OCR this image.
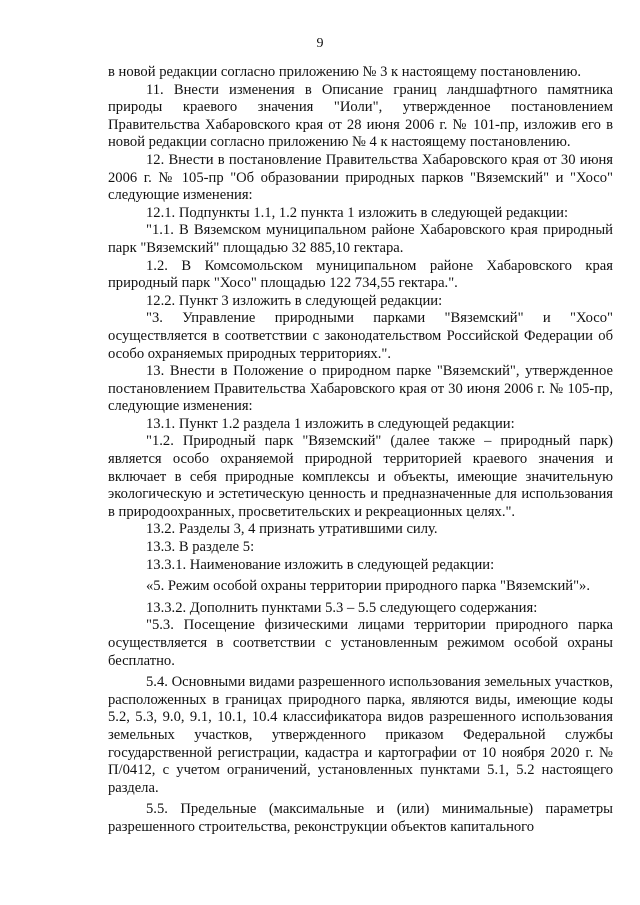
9

в новой редакции согласно приложению № 3 к настоящему постановлению.

11. Внести изменения в Описание границ ландшафтного памятника природы краевого значения "Иоли", утвержденное постановлением Правительства Хабаровского края от 28 июня 2006 г. № 101-пр, изложив его в новой редакции согласно приложению № 4 к настоящему постановлению.

12. Внести в постановление Правительства Хабаровского края от 30 июня 2006 г. № 105-пр "Об образовании природных парков "Вяземский" и "Хосо" следующие изменения:

12.1. Подпункты 1.1, 1.2 пункта 1 изложить в следующей редакции:

"1.1. В Вяземском муниципальном районе Хабаровского края природный парк "Вяземский" площадью 32 885,10 гектара.

1.2. В Комсомольском муниципальном районе Хабаровского края природный парк "Хосо" площадью 122 734,55 гектара.".

12.2. Пункт 3 изложить в следующей редакции:

"3. Управление природными парками "Вяземский" и "Хосо" осуществляется в соответствии с законодательством Российской Федерации об особо охраняемых природных территориях.".

13. Внести в Положение о природном парке "Вяземский", утвержденное постановлением Правительства Хабаровского края от 30 июня 2006 г. № 105-пр, следующие изменения:

13.1. Пункт 1.2 раздела 1 изложить в следующей редакции:

"1.2. Природный парк "Вяземский" (далее также – природный парк) является особо охраняемой природной территорией краевого значения и включает в себя природные комплексы и объекты, имеющие значительную экологическую и эстетическую ценность и предназначенные для использования в природоохранных, просветительских и рекреационных целях.".

13.2. Разделы 3, 4 признать утратившими силу.

13.3. В разделе 5:

13.3.1. Наименование изложить в следующей редакции:

«5. Режим особой охраны территории природного парка "Вяземский"».

13.3.2. Дополнить пунктами 5.3 – 5.5 следующего содержания:

"5.3. Посещение физическими лицами территории природного парка осуществляется в соответствии с установленным режимом особой охраны бесплатно.

5.4. Основными видами разрешенного использования земельных участков, расположенных в границах природного парка, являются виды, имеющие коды 5.2, 5.3, 9.0, 9.1, 10.1, 10.4 классификатора видов разрешенного использования земельных участков, утвержденного приказом Федеральной службы государственной регистрации, кадастра и картографии от 10 ноября 2020 г. № П/0412, с учетом ограничений, установленных пунктами 5.1, 5.2 настоящего раздела.

5.5. Предельные (максимальные и (или) минимальные) параметры разрешенного строительства, реконструкции объектов капитального
